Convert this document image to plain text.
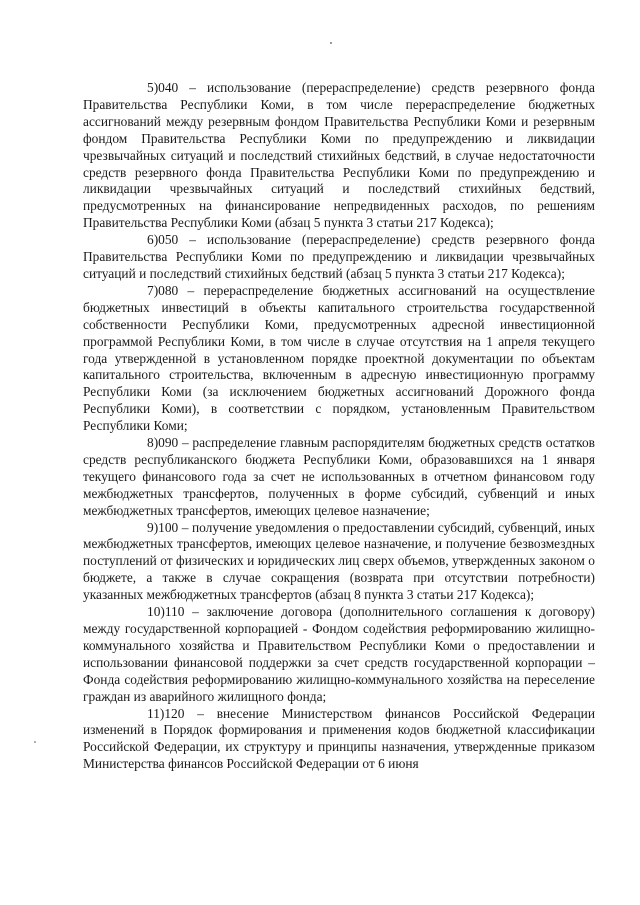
5)040 – использование (перераспределение) средств резервного фонда Правительства Республики Коми, в том числе перераспределение бюджетных ассигнований между резервным фондом Правительства Республики Коми и резервным фондом Правительства Республики Коми по предупреждению и ликвидации чрезвычайных ситуаций и последствий стихийных бедствий, в случае недостаточности средств резервного фонда Правительства Республики Коми по предупреждению и ликвидации чрезвычайных ситуаций и последствий стихийных бедствий, предусмотренных на финансирование непредвиденных расходов, по решениям Правительства Республики Коми (абзац 5 пункта 3 статьи 217 Кодекса);

6)050 – использование (перераспределение) средств резервного фонда Правительства Республики Коми по предупреждению и ликвидации чрезвычайных ситуаций и последствий стихийных бедствий (абзац 5 пункта 3 статьи 217 Кодекса);

7)080 – перераспределение бюджетных ассигнований на осуществление бюджетных инвестиций в объекты капитального строительства государственной собственности Республики Коми, предусмотренных адресной инвестиционной программой Республики Коми, в том числе в случае отсутствия на 1 апреля текущего года утвержденной в установленном порядке проектной документации по объектам капитального строительства, включенным в адресную инвестиционную программу Республики Коми (за исключением бюджетных ассигнований Дорожного фонда Республики Коми), в соответствии с порядком, установленным Правительством Республики Коми;

8)090 – распределение главным распорядителям бюджетных средств остатков средств республиканского бюджета Республики Коми, образовавшихся на 1 января текущего финансового года за счет не использованных в отчетном финансовом году межбюджетных трансфертов, полученных в форме субсидий, субвенций и иных межбюджетных трансфертов, имеющих целевое назначение;

9)100 – получение уведомления о предоставлении субсидий, субвенций, иных межбюджетных трансфертов, имеющих целевое назначение, и получение безвозмездных поступлений от физических и юридических лиц сверх объемов, утвержденных законом о бюджете, а также в случае сокращения (возврата при отсутствии потребности) указанных межбюджетных трансфертов (абзац 8 пункта 3 статьи 217 Кодекса);

10)110 – заключение договора (дополнительного соглашения к договору) между государственной корпорацией - Фондом содействия реформированию жилищно-коммунального хозяйства и Правительством Республики Коми о предоставлении и использовании финансовой поддержки за счет средств государственной корпорации – Фонда содействия реформированию жилищно-коммунального хозяйства на переселение граждан из аварийного жилищного фонда;

11)120 – внесение Министерством финансов Российской Федерации изменений в Порядок формирования и применения кодов бюджетной классификации Российской Федерации, их структуру и принципы назначения, утвержденные приказом Министерства финансов Российской Федерации от 6 июня
